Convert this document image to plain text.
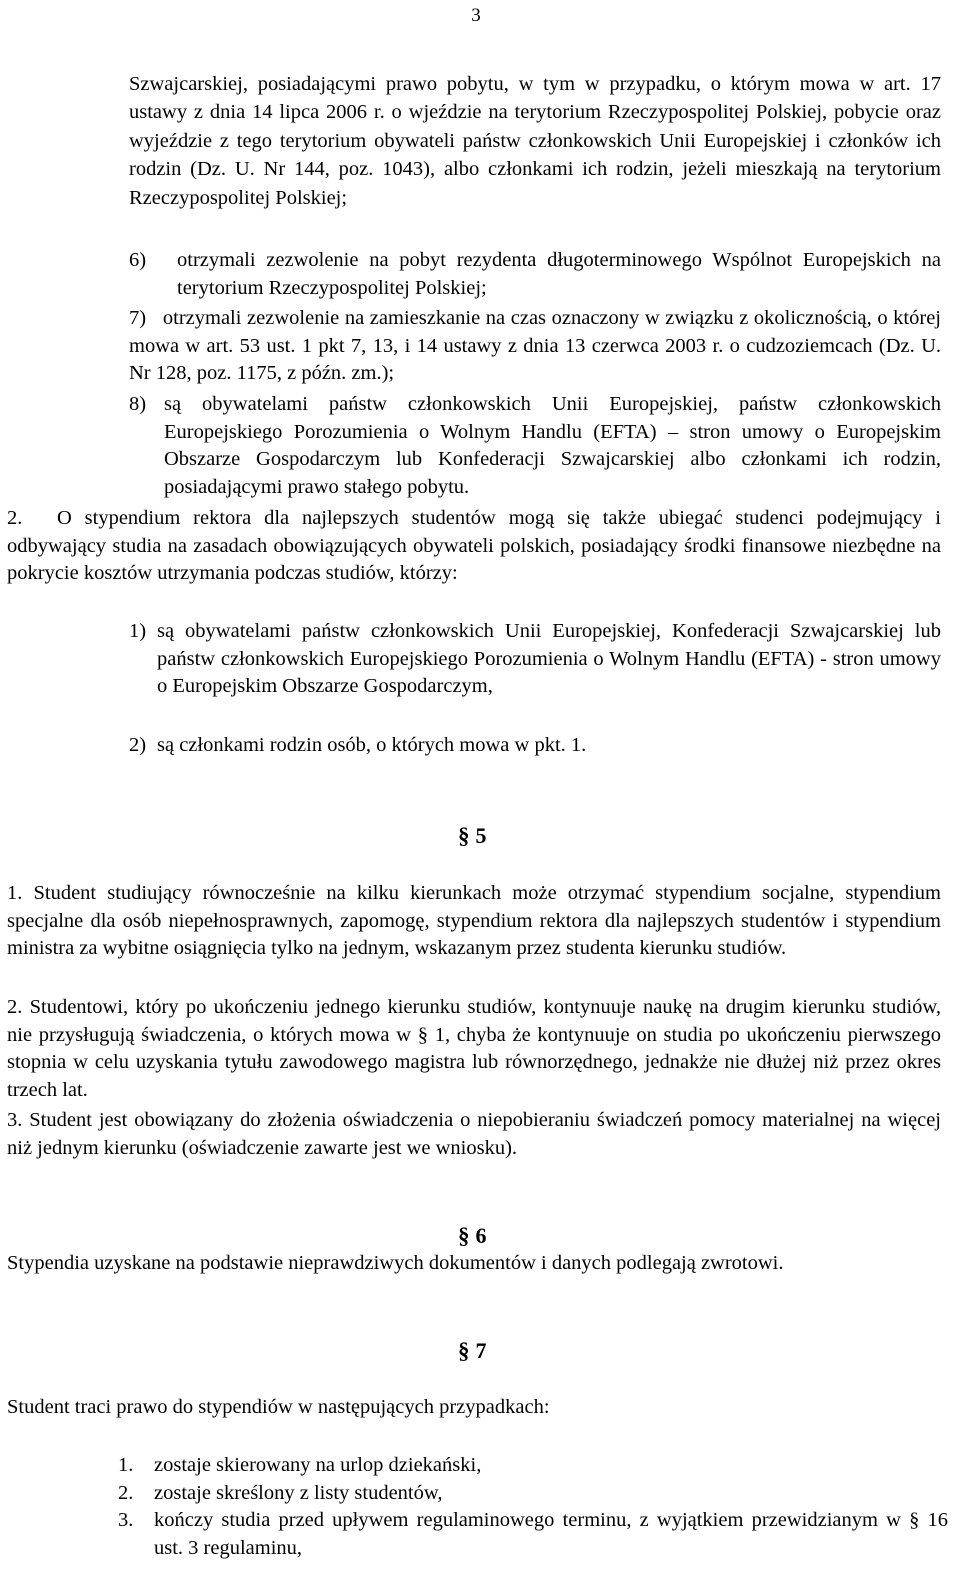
3
Szwajcarskiej, posiadającymi prawo pobytu, w tym w przypadku, o którym mowa w art. 17 ustawy z dnia 14 lipca 2006 r. o wjeździe na terytorium Rzeczypospolitej Polskiej, pobycie oraz wyjeździe z tego terytorium obywateli państw członkowskich Unii Europejskiej i członków ich rodzin (Dz. U. Nr 144, poz. 1043), albo członkami ich rodzin, jeżeli mieszkają na terytorium Rzeczypospolitej Polskiej;
6)	otrzymali zezwolenie na pobyt rezydenta długoterminowego Wspólnot Europejskich na terytorium Rzeczypospolitej Polskiej;
7) otrzymali zezwolenie na zamieszkanie na czas oznaczony w związku z okolicznością, o której mowa w art. 53 ust. 1 pkt 7, 13, i 14 ustawy z dnia 13 czerwca 2003 r. o cudzoziemcach (Dz. U. Nr 128, poz. 1175, z późn. zm.);
8) są obywatelami państw członkowskich Unii Europejskiej, państw członkowskich Europejskiego Porozumienia o Wolnym Handlu (EFTA) – stron umowy o Europejskim Obszarze Gospodarczym lub Konfederacji Szwajcarskiej albo członkami ich rodzin, posiadającymi prawo stałego pobytu.
2.	O stypendium rektora dla najlepszych studentów mogą się także ubiegać studenci podejmujący i odbywający studia na zasadach obowiązujących obywateli polskich, posiadający środki finansowe niezbędne na pokrycie kosztów utrzymania podczas studiów, którzy:
1) są obywatelami państw członkowskich Unii Europejskiej, Konfederacji Szwajcarskiej lub państw członkowskich Europejskiego Porozumienia o Wolnym Handlu (EFTA) - stron umowy o Europejskim Obszarze Gospodarczym,
2) są członkami rodzin osób, o których mowa w pkt. 1.
§ 5
1. Student studiujący równocześnie na kilku kierunkach może otrzymać stypendium socjalne, stypendium specjalne dla osób niepełnosprawnych, zapomogę, stypendium rektora dla najlepszych studentów i stypendium ministra za wybitne osiągnięcia tylko na jednym, wskazanym przez studenta kierunku studiów.
2. Studentowi, który po ukończeniu jednego kierunku studiów, kontynuuje naukę na drugim kierunku studiów, nie przysługują świadczenia, o których mowa w § 1, chyba że kontynuuje on studia po ukończeniu pierwszego stopnia w celu uzyskania tytułu zawodowego magistra lub równorzędnego, jednakże nie dłużej niż przez okres trzech lat.
3. Student jest obowiązany do złożenia oświadczenia o niepobieraniu świadczeń pomocy materialnej na więcej niż jednym kierunku (oświadczenie zawarte jest we wniosku).
§ 6
Stypendia uzyskane na podstawie nieprawdziwych dokumentów i danych podlegają zwrotowi.
§ 7
Student traci prawo do stypendiów w następujących przypadkach:
1.	zostaje skierowany na urlop dziekański,
2.	zostaje skreślony z listy studentów,
3.	kończy studia przed upływem regulaminowego terminu, z wyjątkiem przewidzianym w § 16 ust. 3 regulaminu,
